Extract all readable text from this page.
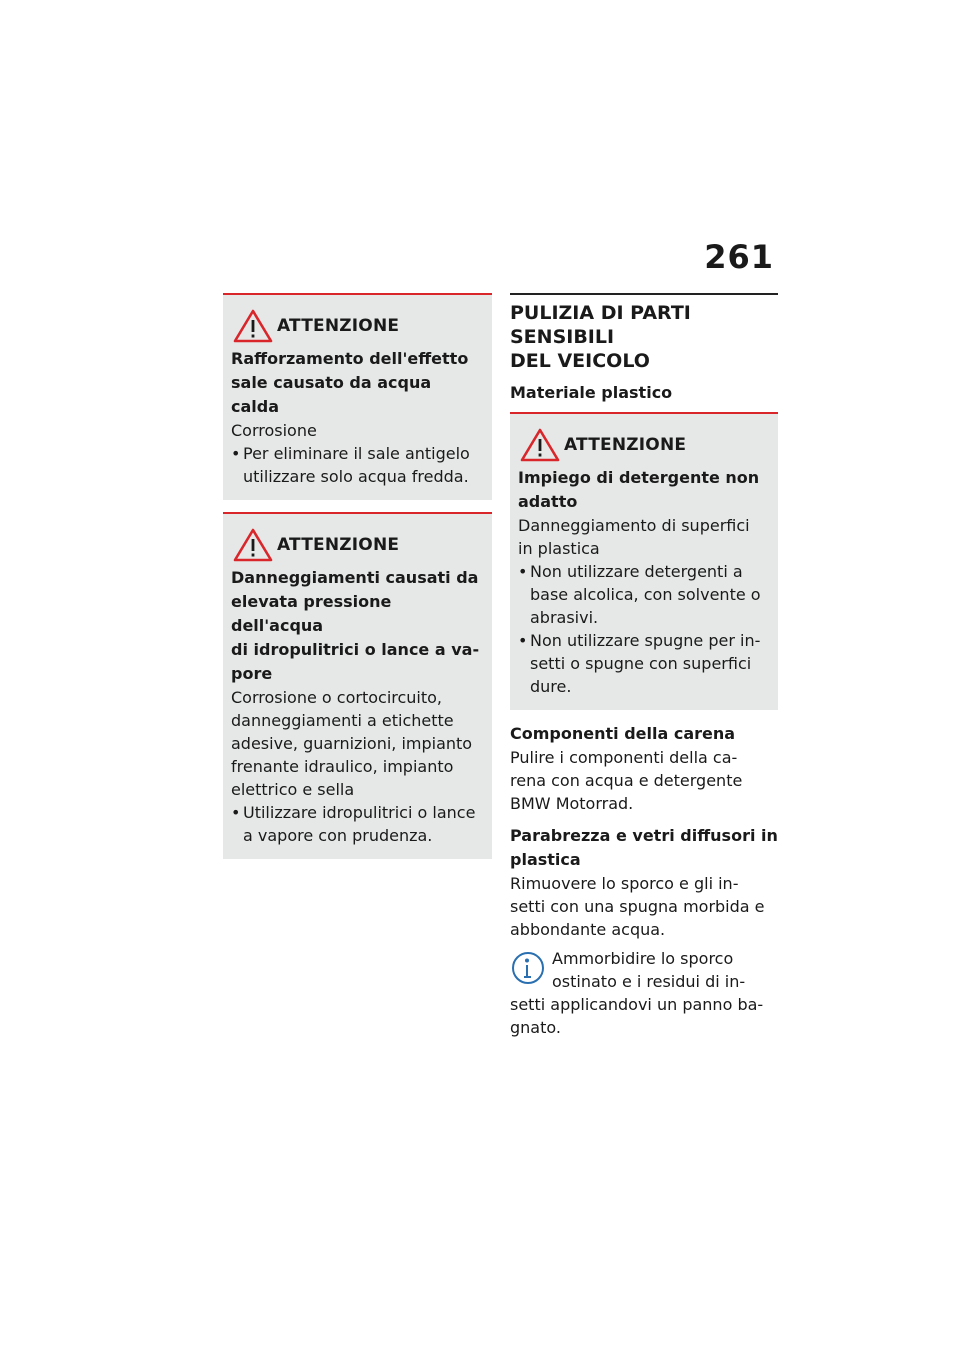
261
ATTENZIONE

Rafforzamento dell'effetto

sale causato da acqua calda

Corrosione

• Per eliminare il sale antigelo utilizzare solo acqua fredda.
ATTENZIONE

Danneggiamenti causati da

elevata pressione dell'acqua

di idropulitrici o lance a va-

pore

Corrosione o cortocircuito,

danneggiamenti a etichette

adesive, guarnizioni, impianto

frenante idraulico, impianto

elettrico e sella

• Utilizzare idropulitrici o lance a vapore con prudenza.
PULIZIA DI PARTI SENSIBILI
DEL VEICOLO

Materiale plastico

ATTENZIONE

Impiego di detergente non

adatto

Danneggiamento di superfici

in plastica

• Non utilizzare detergenti a base alcolica, con solvente o abrasivi.
• Non utilizzare spugne per in-setti o spugne con superfici dure.

Componenti della carena

Pulire i componenti della ca-

rena con acqua e detergente

BMW Motorrad.

Parabrezza e vetri diffusori in

plastica

Rimuovere lo sporco e gli in-

setti con una spugna morbida e

abbondante acqua.

Ammorbidire lo sporco

ostinato e i residui di in-

setti applicandovi un panno ba-

gnato.
